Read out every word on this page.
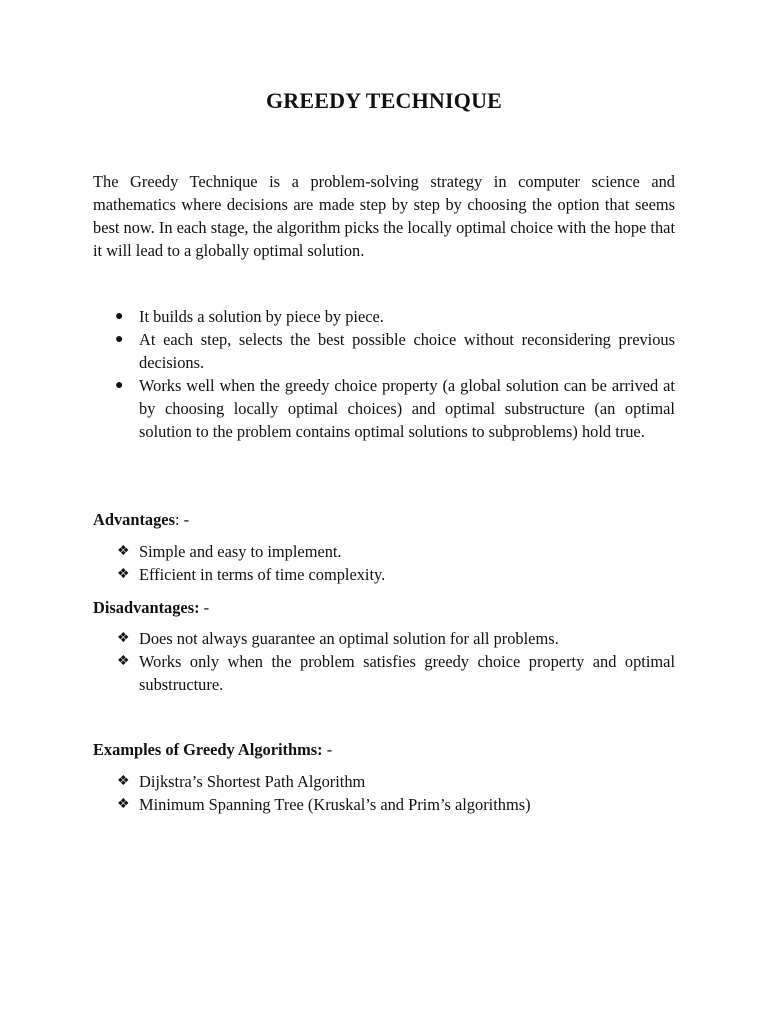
GREEDY TECHNIQUE

The Greedy Technique is a problem-solving strategy in computer science and mathematics where decisions are made step by step by choosing the option that seems best now. In each stage, the algorithm picks the locally optimal choice with the hope that it will lead to a globally optimal solution.

● It builds a solution by piece by piece.
● At each step, selects the best possible choice without reconsidering previous decisions.
● Works well when the greedy choice property (a global solution can be arrived at by choosing locally optimal choices) and optimal substructure (an optimal solution to the problem contains optimal solutions to subproblems) hold true.

Advantages: -

❖ Simple and easy to implement.
❖ Efficient in terms of time complexity.

Disadvantages: -

❖ Does not always guarantee an optimal solution for all problems.
❖ Works only when the problem satisfies greedy choice property and optimal substructure.

Examples of Greedy Algorithms: -

❖ Dijkstra’s Shortest Path Algorithm
❖ Minimum Spanning Tree (Kruskal’s and Prim’s algorithms)
